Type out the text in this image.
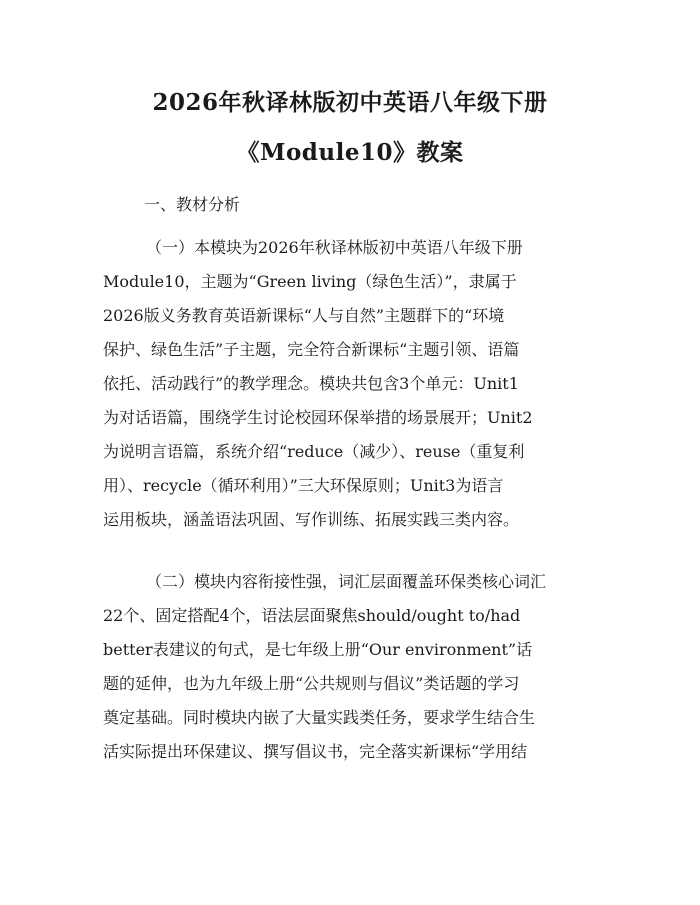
2026年秋译林版初中英语八年级下册
《Module10》教案
一、教材分析
（一）本模块为2026年秋译林版初中英语八年级下册
Module10，主题为“Green living（绿色生活）”，隶属于
2026版义务教育英语新课标“人与自然”主题群下的“环境
保护、绿色生活”子主题，完全符合新课标“主题引领、语篇
依托、活动践行”的教学理念。模块共包含3个单元：Unit1
为对话语篇，围绕学生讨论校园环保举措的场景展开；Unit2
为说明言语篇，系统介绍“reduce（减少）、reuse（重复利
用）、recycle（循环利用）”三大环保原则；Unit3为语言
运用板块，涵盖语法巩固、写作训练、拓展实践三类内容。
（二）模块内容衔接性强，词汇层面覆盖环保类核心词汇
22个、固定搭配4个，语法层面聚焦should/ought to/had
better表建议的句式，是七年级上册“Our environment”话
题的延伸，也为九年级上册“公共规则与倡议”类话题的学习
奠定基础。同时模块内嵌了大量实践类任务，要求学生结合生
活实际提出环保建议、撰写倡议书，完全落实新课标“学用结
